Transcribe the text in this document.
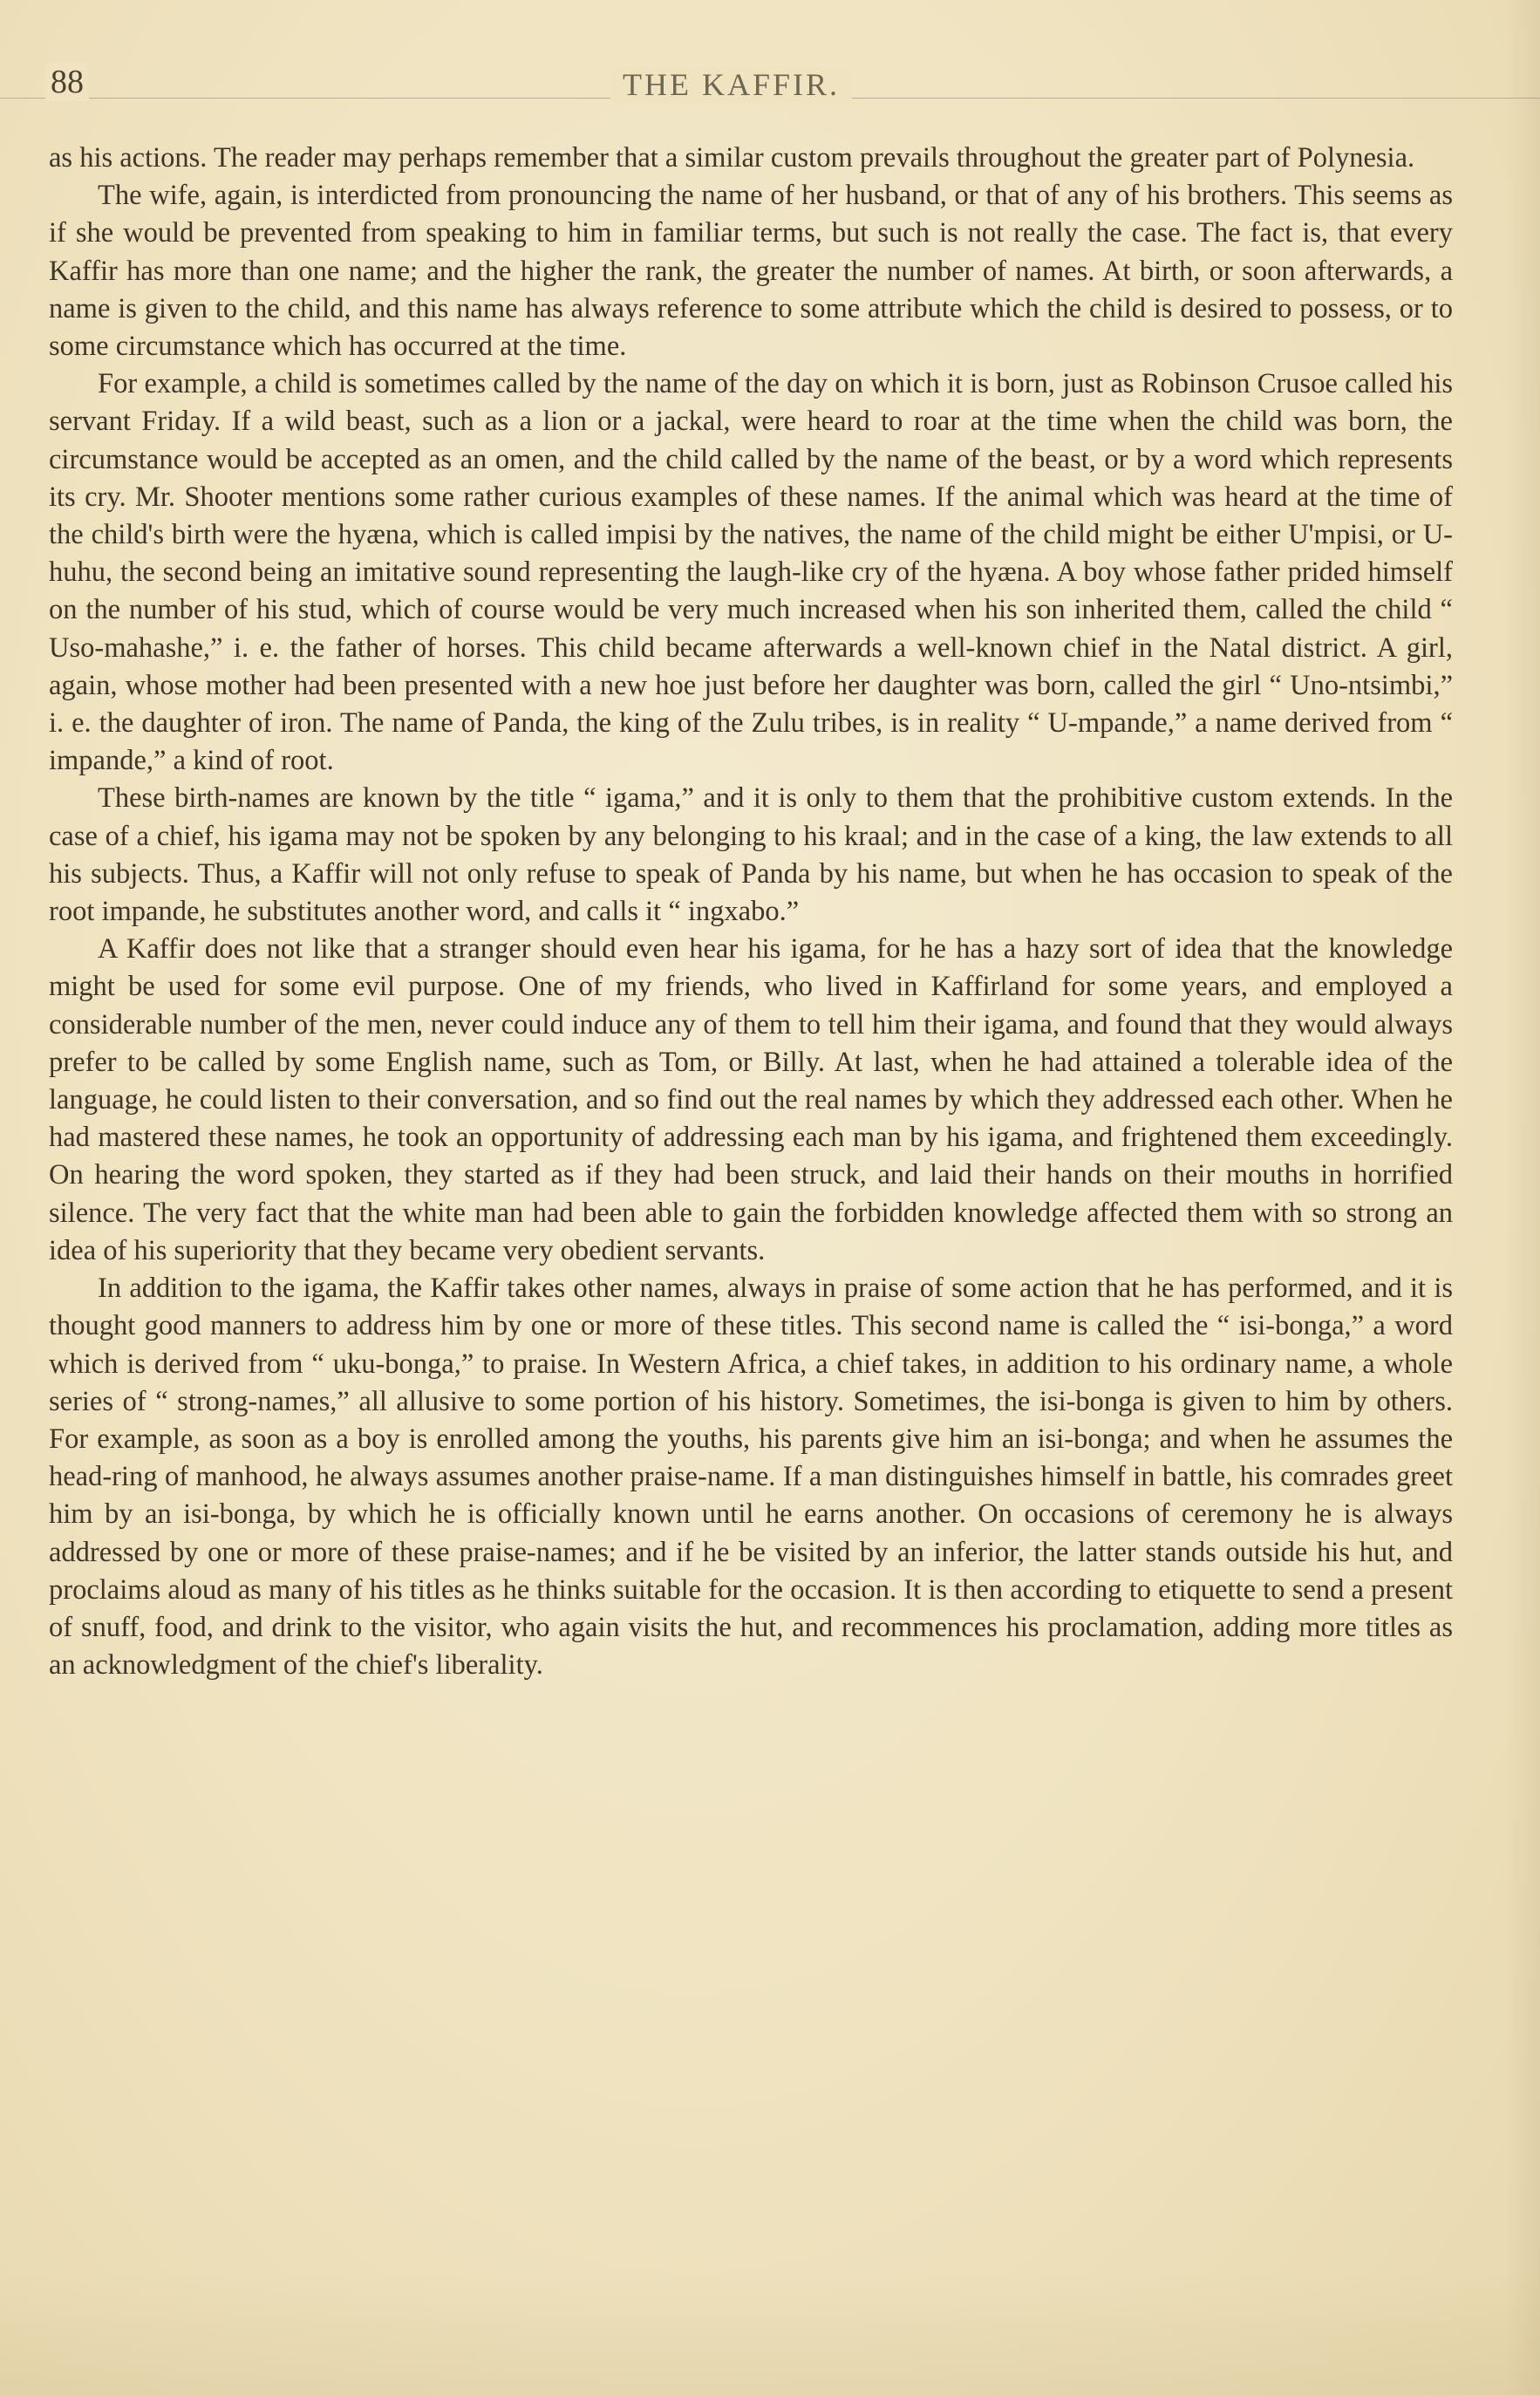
88	THE KAFFIR.

as his actions. The reader may perhaps remember that a similar custom prevails throughout the greater part of Polynesia.

The wife, again, is interdicted from pronouncing the name of her husband, or that of any of his brothers. This seems as if she would be prevented from speaking to him in familiar terms, but such is not really the case. The fact is, that every Kaffir has more than one name; and the higher the rank, the greater the number of names. At birth, or soon afterwards, a name is given to the child, and this name has always reference to some attribute which the child is desired to possess, or to some circumstance which has occurred at the time.

For example, a child is sometimes called by the name of the day on which it is born, just as Robinson Crusoe called his servant Friday. If a wild beast, such as a lion or a jackal, were heard to roar at the time when the child was born, the circumstance would be accepted as an omen, and the child called by the name of the beast, or by a word which represents its cry. Mr. Shooter mentions some rather curious examples of these names. If the animal which was heard at the time of the child's birth were the hyæna, which is called impisi by the natives, the name of the child might be either U'mpisi, or U-huhu, the second being an imitative sound representing the laugh-like cry of the hyæna. A boy whose father prided himself on the number of his stud, which of course would be very much increased when his son inherited them, called the child “ Uso-mahashe,” i. e. the father of horses. This child became afterwards a well-known chief in the Natal district. A girl, again, whose mother had been presented with a new hoe just before her daughter was born, called the girl “ Uno-ntsimbi,” i. e. the daughter of iron. The name of Panda, the king of the Zulu tribes, is in reality “ U-mpande,” a name derived from “ impande,” a kind of root.

These birth-names are known by the title “ igama,” and it is only to them that the prohibitive custom extends. In the case of a chief, his igama may not be spoken by any belonging to his kraal; and in the case of a king, the law extends to all his subjects. Thus, a Kaffir will not only refuse to speak of Panda by his name, but when he has occasion to speak of the root impande, he substitutes another word, and calls it “ ingxabo.”

A Kaffir does not like that a stranger should even hear his igama, for he has a hazy sort of idea that the knowledge might be used for some evil purpose. One of my friends, who lived in Kaffirland for some years, and employed a considerable number of the men, never could induce any of them to tell him their igama, and found that they would always prefer to be called by some English name, such as Tom, or Billy. At last, when he had attained a tolerable idea of the language, he could listen to their conversation, and so find out the real names by which they addressed each other. When he had mastered these names, he took an opportunity of addressing each man by his igama, and frightened them exceedingly. On hearing the word spoken, they started as if they had been struck, and laid their hands on their mouths in horrified silence. The very fact that the white man had been able to gain the forbidden knowledge affected them with so strong an idea of his superiority that they became very obedient servants.

In addition to the igama, the Kaffir takes other names, always in praise of some action that he has performed, and it is thought good manners to address him by one or more of these titles. This second name is called the “ isi-bonga,” a word which is derived from “ uku-bonga,” to praise. In Western Africa, a chief takes, in addition to his ordinary name, a whole series of “ strong-names,” all allusive to some portion of his history. Sometimes, the isi-bonga is given to him by others. For example, as soon as a boy is enrolled among the youths, his parents give him an isi-bonga; and when he assumes the head-ring of manhood, he always assumes another praise-name. If a man distinguishes himself in battle, his comrades greet him by an isi-bonga, by which he is officially known until he earns another. On occasions of ceremony he is always addressed by one or more of these praise-names; and if he be visited by an inferior, the latter stands outside his hut, and proclaims aloud as many of his titles as he thinks suitable for the occasion. It is then according to etiquette to send a present of snuff, food, and drink to the visitor, who again visits the hut, and recommences his proclamation, adding more titles as an acknowledgment of the chief's liberality.
